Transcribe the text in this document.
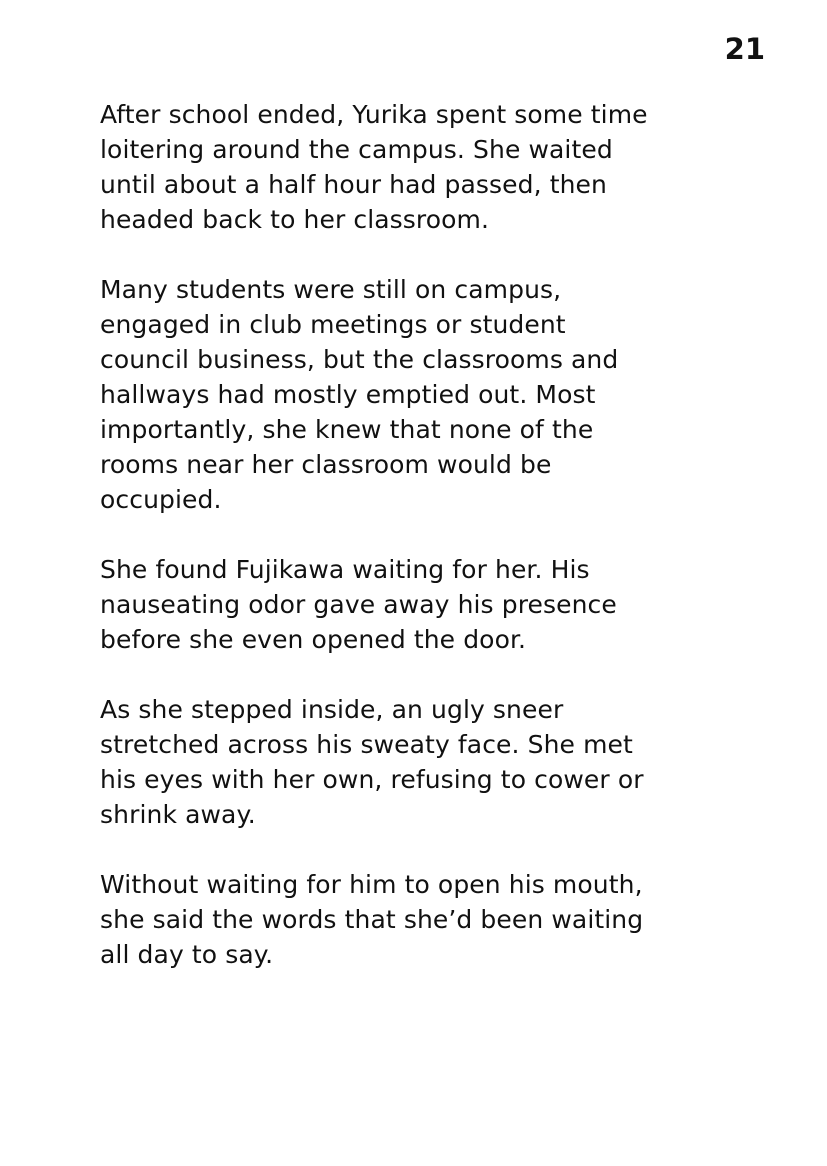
21

After school ended, Yurika spent some time
loitering around the campus. She waited
until about a half hour had passed, then
headed back to her classroom.

Many students were still on campus,
engaged in club meetings or student
council business, but the classrooms and
hallways had mostly emptied out. Most
importantly, she knew that none of the
rooms near her classroom would be
occupied.

She found Fujikawa waiting for her. His
nauseating odor gave away his presence
before she even opened the door.

As she stepped inside, an ugly sneer
stretched across his sweaty face. She met
his eyes with her own, refusing to cower or
shrink away.

Without waiting for him to open his mouth,
she said the words that she’d been waiting
all day to say.
